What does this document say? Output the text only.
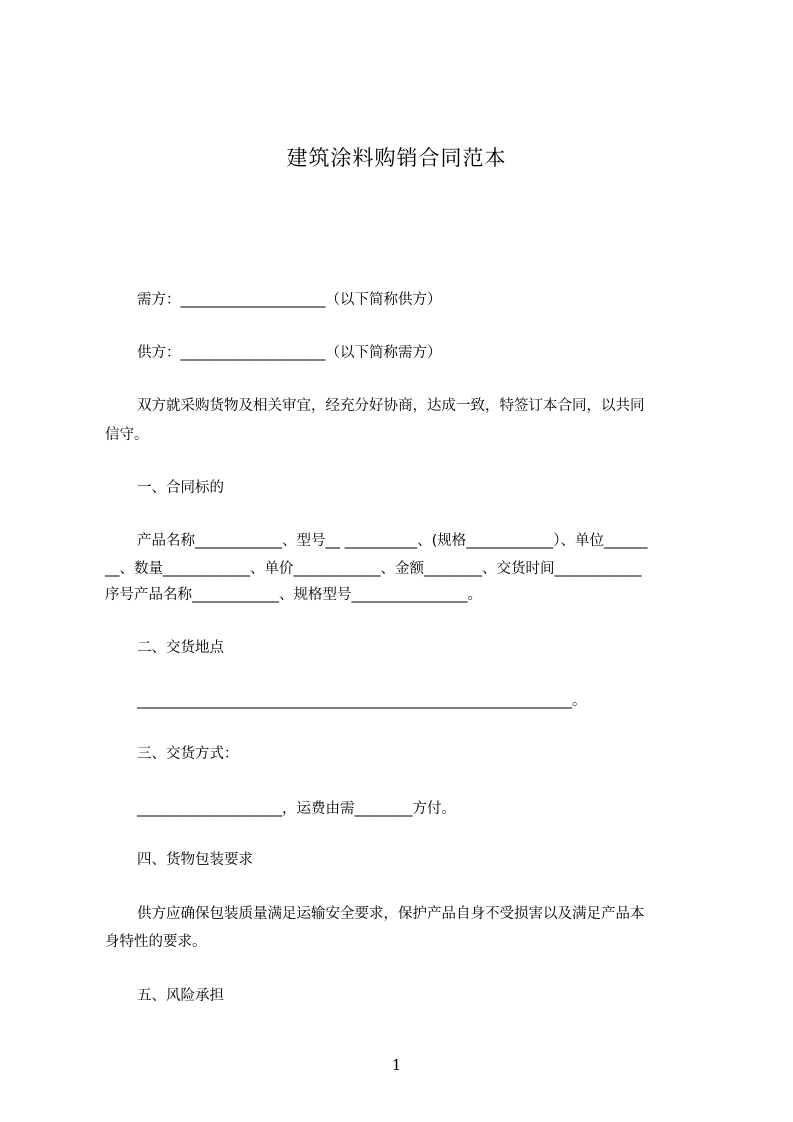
建筑涂料购销合同范本
需方：____________________（以下简称供方）
供方：____________________（以下简称需方）
双方就采购货物及相关审宜，经充分好协商，达成一致，特签订本合同，以共同
信守。
一、合同标的
产品名称____________、型号__ __________、(规格____________）、单位______
__、数量____________、单价____________、金额________、交货时间____________
序号产品名称____________、规格型号________________。
二、交货地点
____________________________________________________________。
三、交货方式：
____________________，运费由需________方付。
四、货物包装要求
供方应确保包装质量满足运输安全要求，保护产品自身不受损害以及满足产品本
身特性的要求。
五、风险承担
1
